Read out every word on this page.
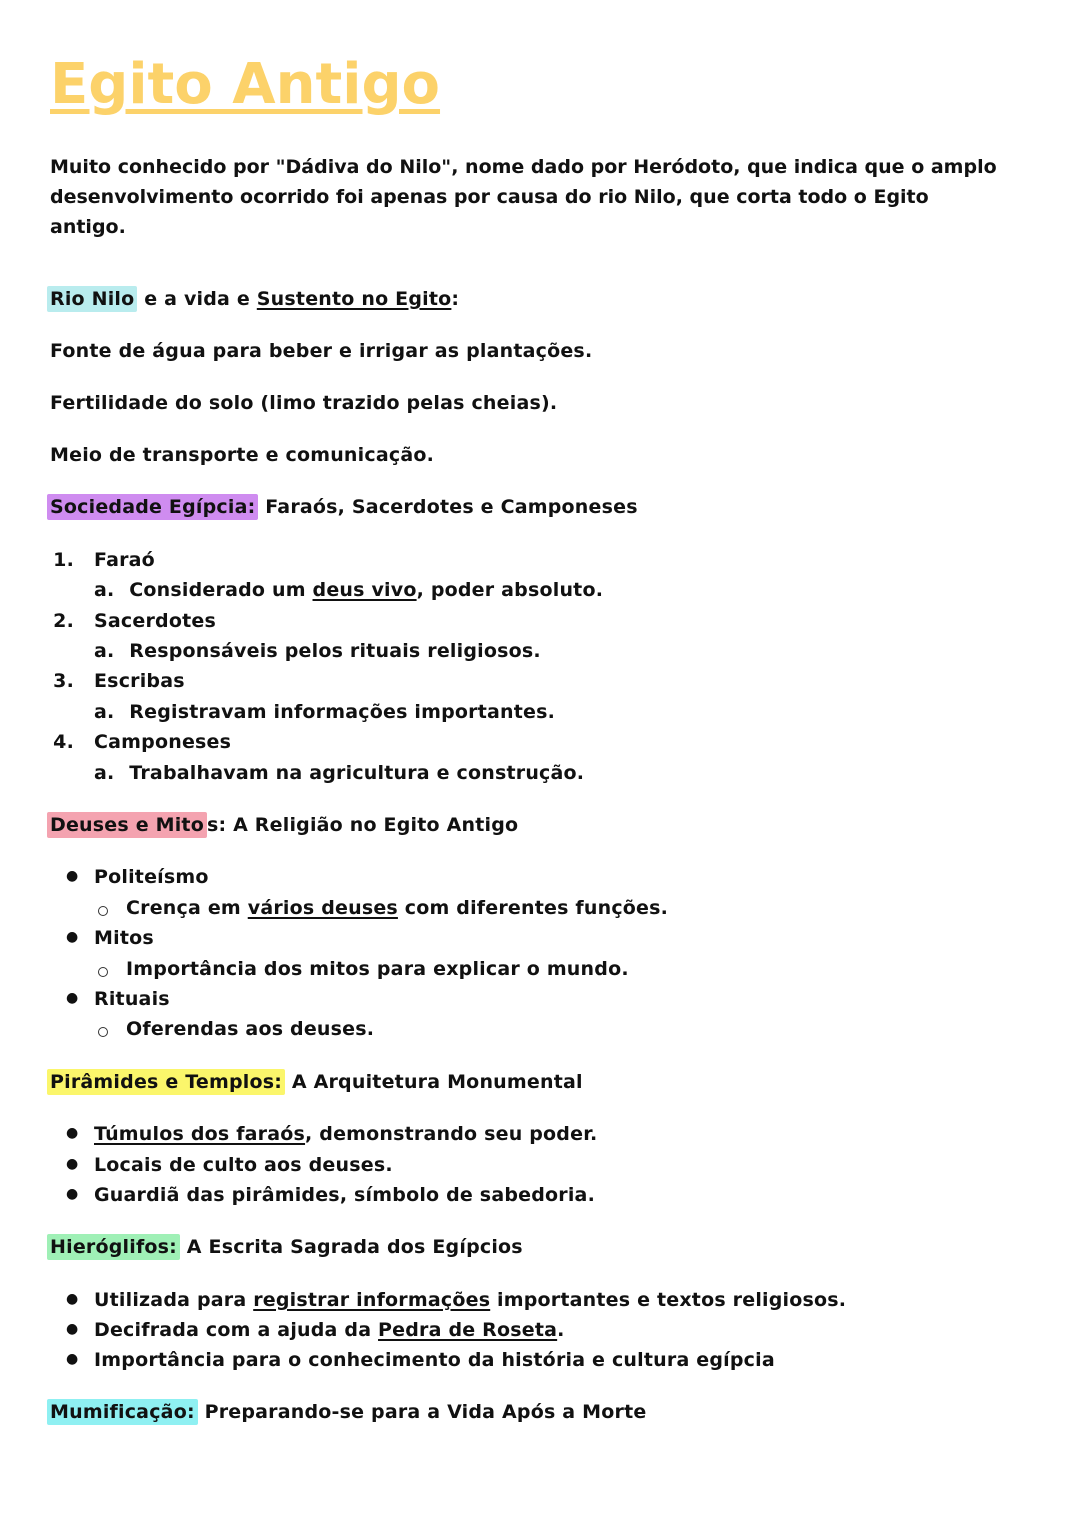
Egito Antigo
Muito conhecido por "Dádiva do Nilo", nome dado por Heródoto, que indica que o amplo desenvolvimento ocorrido foi apenas por causa do rio Nilo, que corta todo o Egito antigo.
Rio Nilo e a vida e Sustento no Egito:
Fonte de água para beber e irrigar as plantações.
Fertilidade do solo (limo trazido pelas cheias).
Meio de transporte e comunicação.
Sociedade Egípcia: Faraós, Sacerdotes e Camponeses
1. Faraó
a. Considerado um deus vivo, poder absoluto.
2. Sacerdotes
a. Responsáveis pelos rituais religiosos.
3. Escribas
a. Registravam informações importantes.
4. Camponeses
a. Trabalhavam na agricultura e construção.
Deuses e Mito s: A Religião no Egito Antigo
● Politeísmo
Crença em vários deuses com diferentes funções.
● Mitos
Importância dos mitos para explicar o mundo.
● Rituais
Oferendas aos deuses.
Pirâmides e Templos: A Arquitetura Monumental
● Túmulos dos faraós, demonstrando seu poder.
● Locais de culto aos deuses.
● Guardiã das pirâmides, símbolo de sabedoria.
Hieróglifos: A Escrita Sagrada dos Egípcios
● Utilizada para registrar informações importantes e textos religiosos.
● Decifrada com a ajuda da Pedra de Roseta.
● Importância para o conhecimento da história e cultura egípcia
Mumificação: Preparando-se para a Vida Após a Morte
